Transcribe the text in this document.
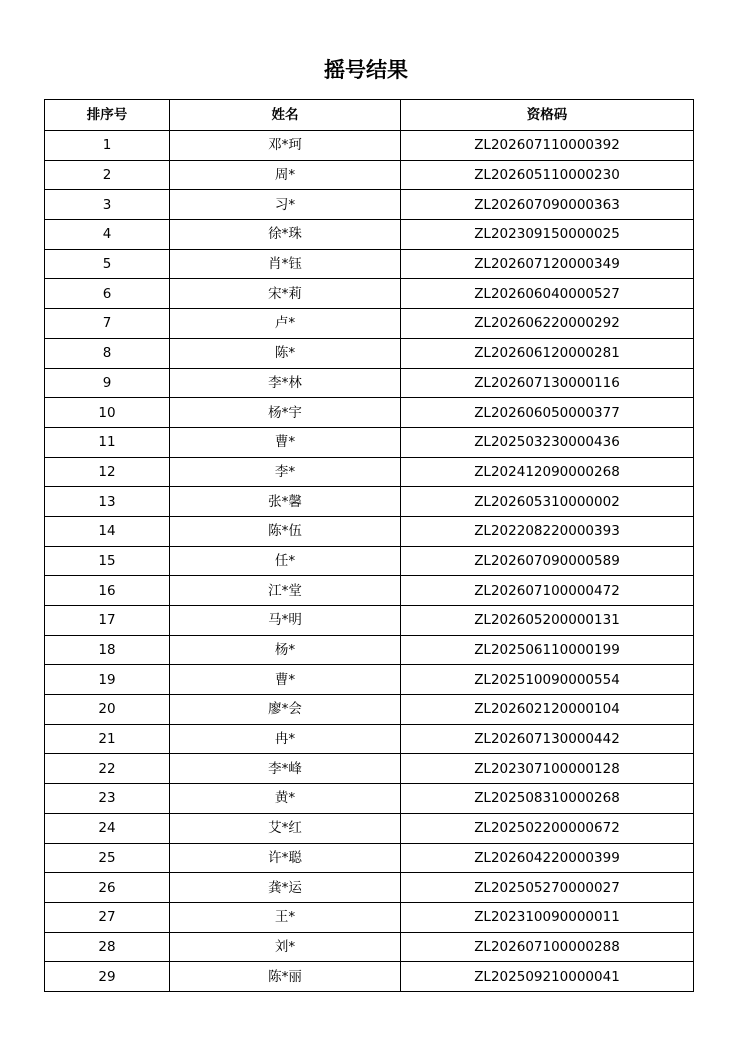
摇号结果
排序号	姓名	资格码
1	邓*珂	ZL202607110000392
2	周*	ZL202605110000230
3	习*	ZL202607090000363
4	徐*珠	ZL202309150000025
5	肖*钰	ZL202607120000349
6	宋*莉	ZL202606040000527
7	卢*	ZL202606220000292
8	陈*	ZL202606120000281
9	李*林	ZL202607130000116
10	杨*宇	ZL202606050000377
11	曹*	ZL202503230000436
12	李*	ZL202412090000268
13	张*馨	ZL202605310000002
14	陈*伍	ZL202208220000393
15	任*	ZL202607090000589
16	江*堂	ZL202607100000472
17	马*明	ZL202605200000131
18	杨*	ZL202506110000199
19	曹*	ZL202510090000554
20	廖*会	ZL202602120000104
21	冉*	ZL202607130000442
22	李*峰	ZL202307100000128
23	黄*	ZL202508310000268
24	艾*红	ZL202502200000672
25	许*聪	ZL202604220000399
26	龚*运	ZL202505270000027
27	王*	ZL202310090000011
28	刘*	ZL202607100000288
29	陈*丽	ZL202509210000041
